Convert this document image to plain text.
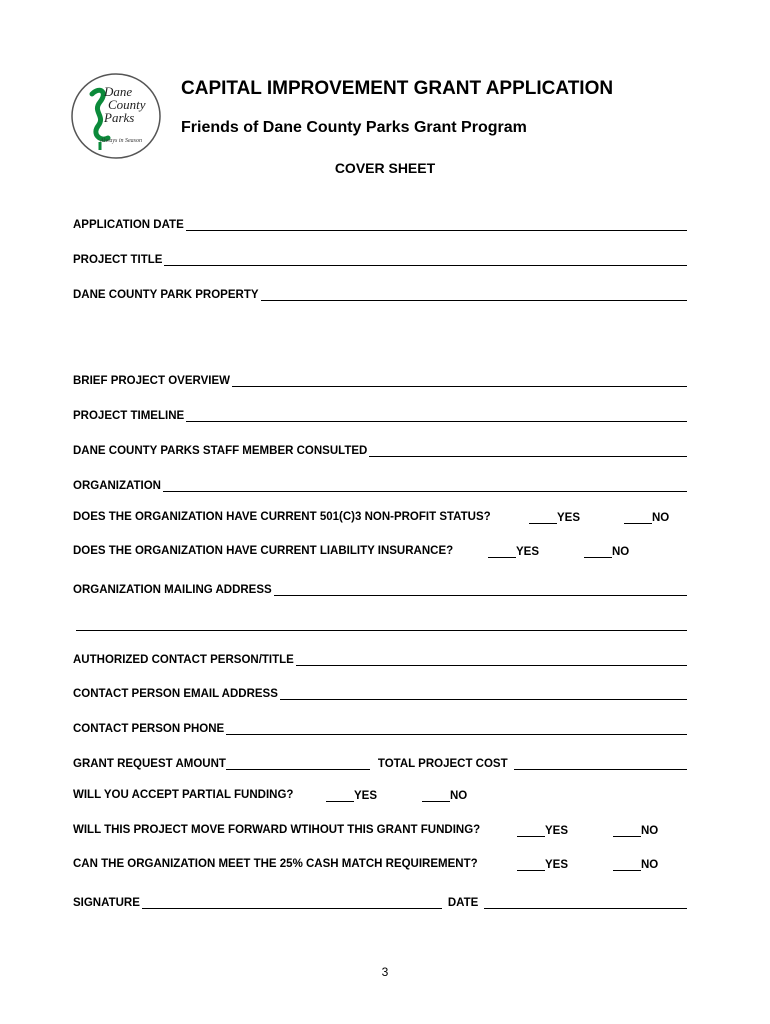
Dane
County
Parks
Always in Season
CAPITAL IMPROVEMENT GRANT APPLICATION
Friends of Dane County Parks Grant Program
COVER SHEET
APPLICATION DATE
PROJECT TITLE
DANE COUNTY PARK PROPERTY
BRIEF PROJECT OVERVIEW
PROJECT TIMELINE
DANE COUNTY PARKS STAFF MEMBER CONSULTED
ORGANIZATION
DOES THE ORGANIZATION HAVE CURRENT 501(C)3 NON-PROFIT STATUS?	YES	NO
DOES THE ORGANIZATION HAVE CURRENT LIABILITY INSURANCE?	YES	NO
ORGANIZATION MAILING ADDRESS
AUTHORIZED CONTACT PERSON/TITLE
CONTACT PERSON EMAIL ADDRESS
CONTACT PERSON PHONE
GRANT REQUEST AMOUNT	TOTAL PROJECT COST
WILL YOU ACCEPT PARTIAL FUNDING?	YES	NO
WILL THIS PROJECT MOVE FORWARD WTIHOUT THIS GRANT FUNDING?	YES	NO
CAN THE ORGANIZATION MEET THE 25% CASH MATCH REQUIREMENT?	YES	NO
SIGNATURE	DATE
3
